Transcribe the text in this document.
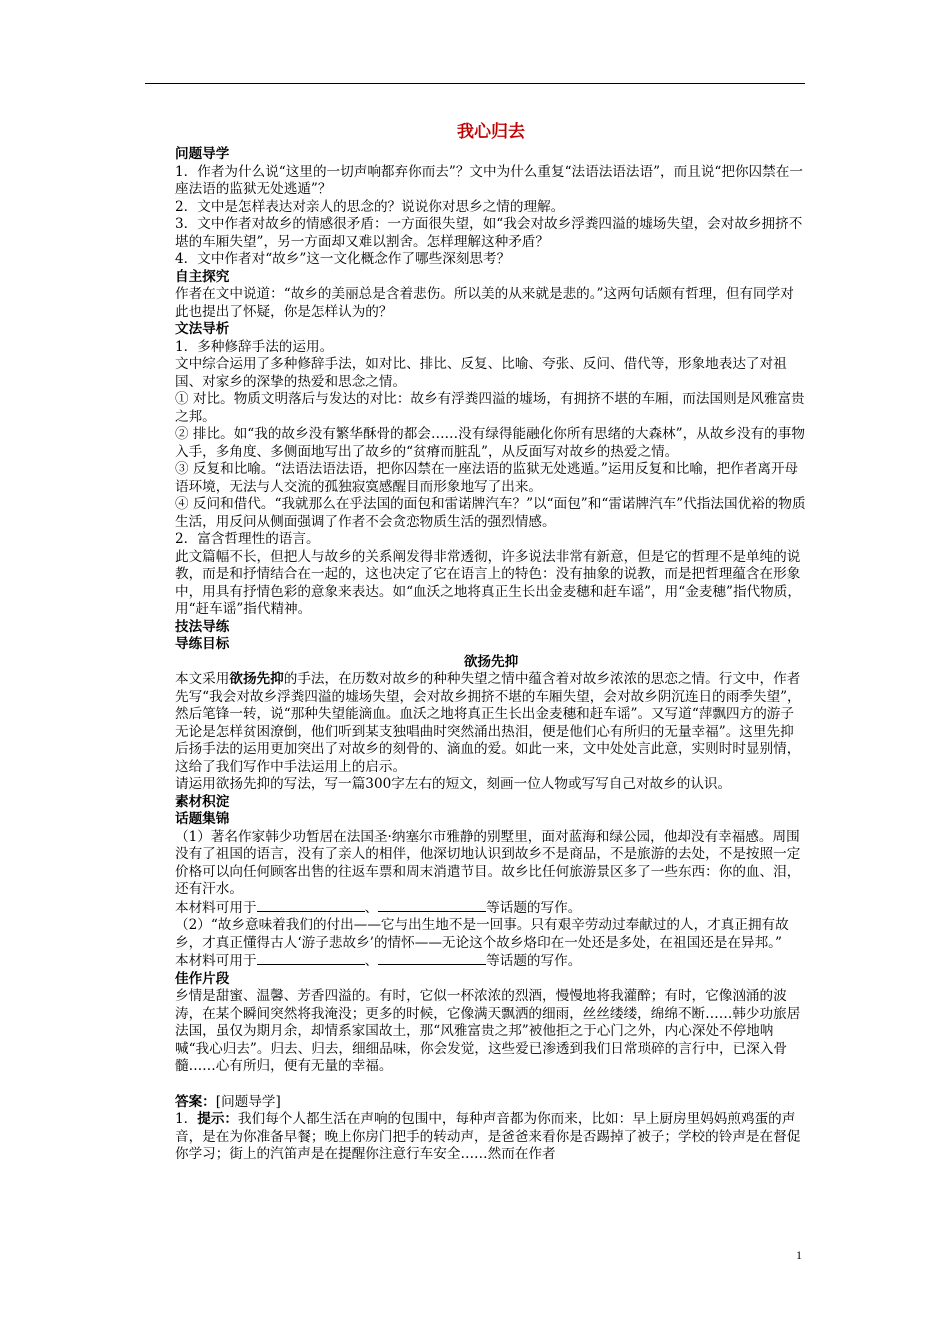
我心归去

问题导学

1．作者为什么说“这里的一切声响都弃你而去”？文中为什么重复“法语法语法语”，而且说“把你囚禁在一座法语的监狱无处逃遁”？

2．文中是怎样表达对亲人的思念的？说说你对思乡之情的理解。

3．文中作者对故乡的情感很矛盾：一方面很失望，如“我会对故乡浮粪四溢的墟场失望，会对故乡拥挤不堪的车厢失望”，另一方面却又难以割舍。怎样理解这种矛盾？

4．文中作者对“故乡”这一文化概念作了哪些深刻思考？

自主探究

作者在文中说道：“故乡的美丽总是含着悲伤。所以美的从来就是悲的。”这两句话颇有哲理，但有同学对此也提出了怀疑，你是怎样认为的？

文法导析

1．多种修辞手法的运用。

文中综合运用了多种修辞手法，如对比、排比、反复、比喻、夸张、反问、借代等，形象地表达了对祖国、对家乡的深挚的热爱和思念之情。

① 对比。物质文明落后与发达的对比：故乡有浮粪四溢的墟场，有拥挤不堪的车厢，而法国则是风雅富贵之邦。

② 排比。如“我的故乡没有繁华酥骨的都会……没有绿得能融化你所有思绪的大森林”，从故乡没有的事物入手，多角度、多侧面地写出了故乡的“贫瘠而脏乱”，从反面写对故乡的热爱之情。

③ 反复和比喻。“法语法语法语，把你囚禁在一座法语的监狱无处逃遁。”运用反复和比喻，把作者离开母语环境，无法与人交流的孤独寂寞感醒目而形象地写了出来。

④ 反问和借代。“我就那么在乎法国的面包和雷诺牌汽车？”以“面包”和“雷诺牌汽车”代指法国优裕的物质生活，用反问从侧面强调了作者不会贪恋物质生活的强烈情感。

2．富含哲理性的语言。

此文篇幅不长，但把人与故乡的关系阐发得非常透彻，许多说法非常有新意，但是它的哲理不是单纯的说教，而是和抒情结合在一起的，这也决定了它在语言上的特色：没有抽象的说教，而是把哲理蕴含在形象中，用具有抒情色彩的意象来表达。如“血沃之地将真正生长出金麦穗和赶车谣”，用“金麦穗”指代物质，用“赶车谣”指代精神。

技法导练

导练目标

欲扬先抑

本文采用欲扬先抑的手法，在历数对故乡的种种失望之情中蕴含着对故乡浓浓的思恋之情。行文中，作者先写“我会对故乡浮粪四溢的墟场失望，会对故乡拥挤不堪的车厢失望，会对故乡阴沉连日的雨季失望”，然后笔锋一转，说“那种失望能滴血。血沃之地将真正生长出金麦穗和赶车谣”。又写道“萍飘四方的游子无论是怎样贫困潦倒，他们听到某支独唱曲时突然涌出热泪，便是他们心有所归的无量幸福”。这里先抑后扬手法的运用更加突出了对故乡的刻骨的、滴血的爱。如此一来，文中处处言此意，实则时时显别情，这给了我们写作中手法运用上的启示。

请运用欲扬先抑的写法，写一篇300字左右的短文，刻画一位人物或写写自己对故乡的认识。

素材积淀

话题集锦

（1）著名作家韩少功暂居在法国圣·纳塞尔市雅静的别墅里，面对蓝海和绿公园，他却没有幸福感。周围没有了祖国的语言，没有了亲人的相伴，他深切地认识到故乡不是商品，不是旅游的去处，不是按照一定价格可以向任何顾客出售的往返车票和周末消遣节目。故乡比任何旅游景区多了一些东西：你的血、泪，还有汗水。

本材料可用于	、	等话题的写作。

（2）“故乡意味着我们的付出——它与出生地不是一回事。只有艰辛劳动过奉献过的人，才真正拥有故乡，才真正懂得古人‘游子悲故乡’的情怀——无论这个故乡烙印在一处还是多处，在祖国还是在异邦。”

本材料可用于	、	等话题的写作。

佳作片段

乡情是甜蜜、温馨、芳香四溢的。有时，它似一杯浓浓的烈酒，慢慢地将我灌醉；有时，它像汹涌的波涛，在某个瞬间突然将我淹没；更多的时候，它像满天飘洒的细雨，丝丝缕缕，绵绵不断……韩少功旅居法国，虽仅为期月余，却情系家国故土，那“风雅富贵之邦”被他拒之于心门之外，内心深处不停地呐喊“我心归去”。归去、归去，细细品味，你会发觉，这些爱已渗透到我们日常琐碎的言行中，已深入骨髓……心有所归，便有无量的幸福。

答案：[问题导学]

1．提示：我们每个人都生活在声响的包围中，每种声音都为你而来，比如：早上厨房里妈妈煎鸡蛋的声音，是在为你准备早餐；晚上你房门把手的转动声，是爸爸来看你是否踢掉了被子；学校的铃声是在督促你学习；街上的汽笛声是在提醒你注意行车安全……然而在作者

1
